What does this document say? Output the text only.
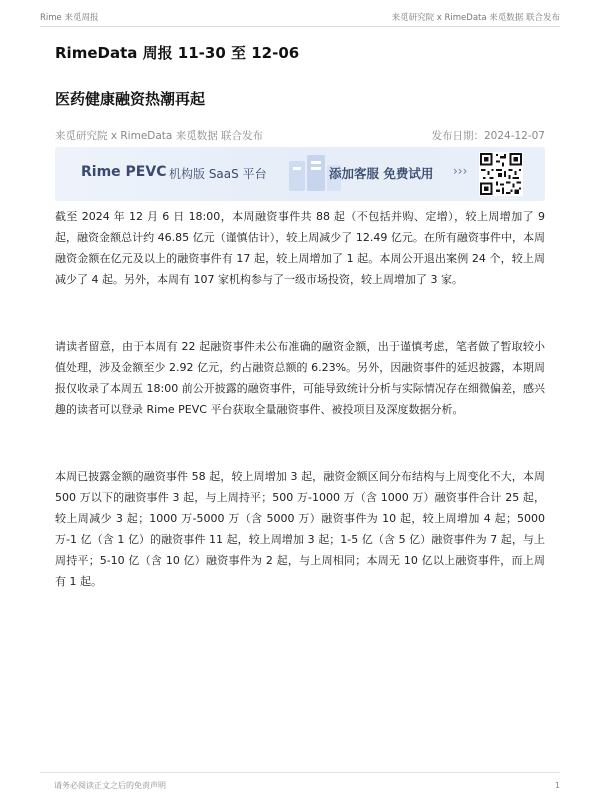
Rime 来觅周报	来觅研究院 x RimeData 来觅数据 联合发布
RimeData 周报 11-30 至 12-06
医药健康融资热潮再起
来觅研究院 x RimeData 来觅数据 联合发布	发布日期：2024-12-07
Rime PEVC 机构版 SaaS 平台	添加客服 免费试用 ›››

截至 2024 年 12 月 6 日 18:00，本周融资事件共 88 起（不包括并购、定增），较上周增加了 9 起，融资金额总计约 46.85 亿元（谨慎估计），较上周减少了 12.49 亿元。在所有融资事件中，本周融资金额在亿元及以上的融资事件有 17 起，较上周增加了 1 起。本周公开退出案例 24 个，较上周减少了 4 起。另外，本周有 107 家机构参与了一级市场投资，较上周增加了 3 家。

请读者留意，由于本周有 22 起融资事件未公布准确的融资金额，出于谨慎考虑，笔者做了暂取较小值处理，涉及金额至少 2.92 亿元，约占融资总额的 6.23%。另外，因融资事件的延迟披露，本期周报仅收录了本周五 18:00 前公开披露的融资事件，可能导致统计分析与实际情况存在细微偏差，感兴趣的读者可以登录 Rime PEVC 平台获取全量融资事件、被投项目及深度数据分析。

本周已披露金额的融资事件 58 起，较上周增加 3 起，融资金额区间分布结构与上周变化不大，本周 500 万以下的融资事件 3 起，与上周持平；500 万-1000 万（含 1000 万）融资事件合计 25 起，较上周减少 3 起；1000 万-5000 万（含 5000 万）融资事件为 10 起，较上周增加 4 起；5000 万-1 亿（含 1 亿）的融资事件 11 起，较上周增加 3 起；1-5 亿（含 5 亿）融资事件为 7 起，与上周持平；5-10 亿（含 10 亿）融资事件为 2 起，与上周相同；本周无 10 亿以上融资事件，而上周有 1 起。

请务必阅读正文之后的免责声明	1
